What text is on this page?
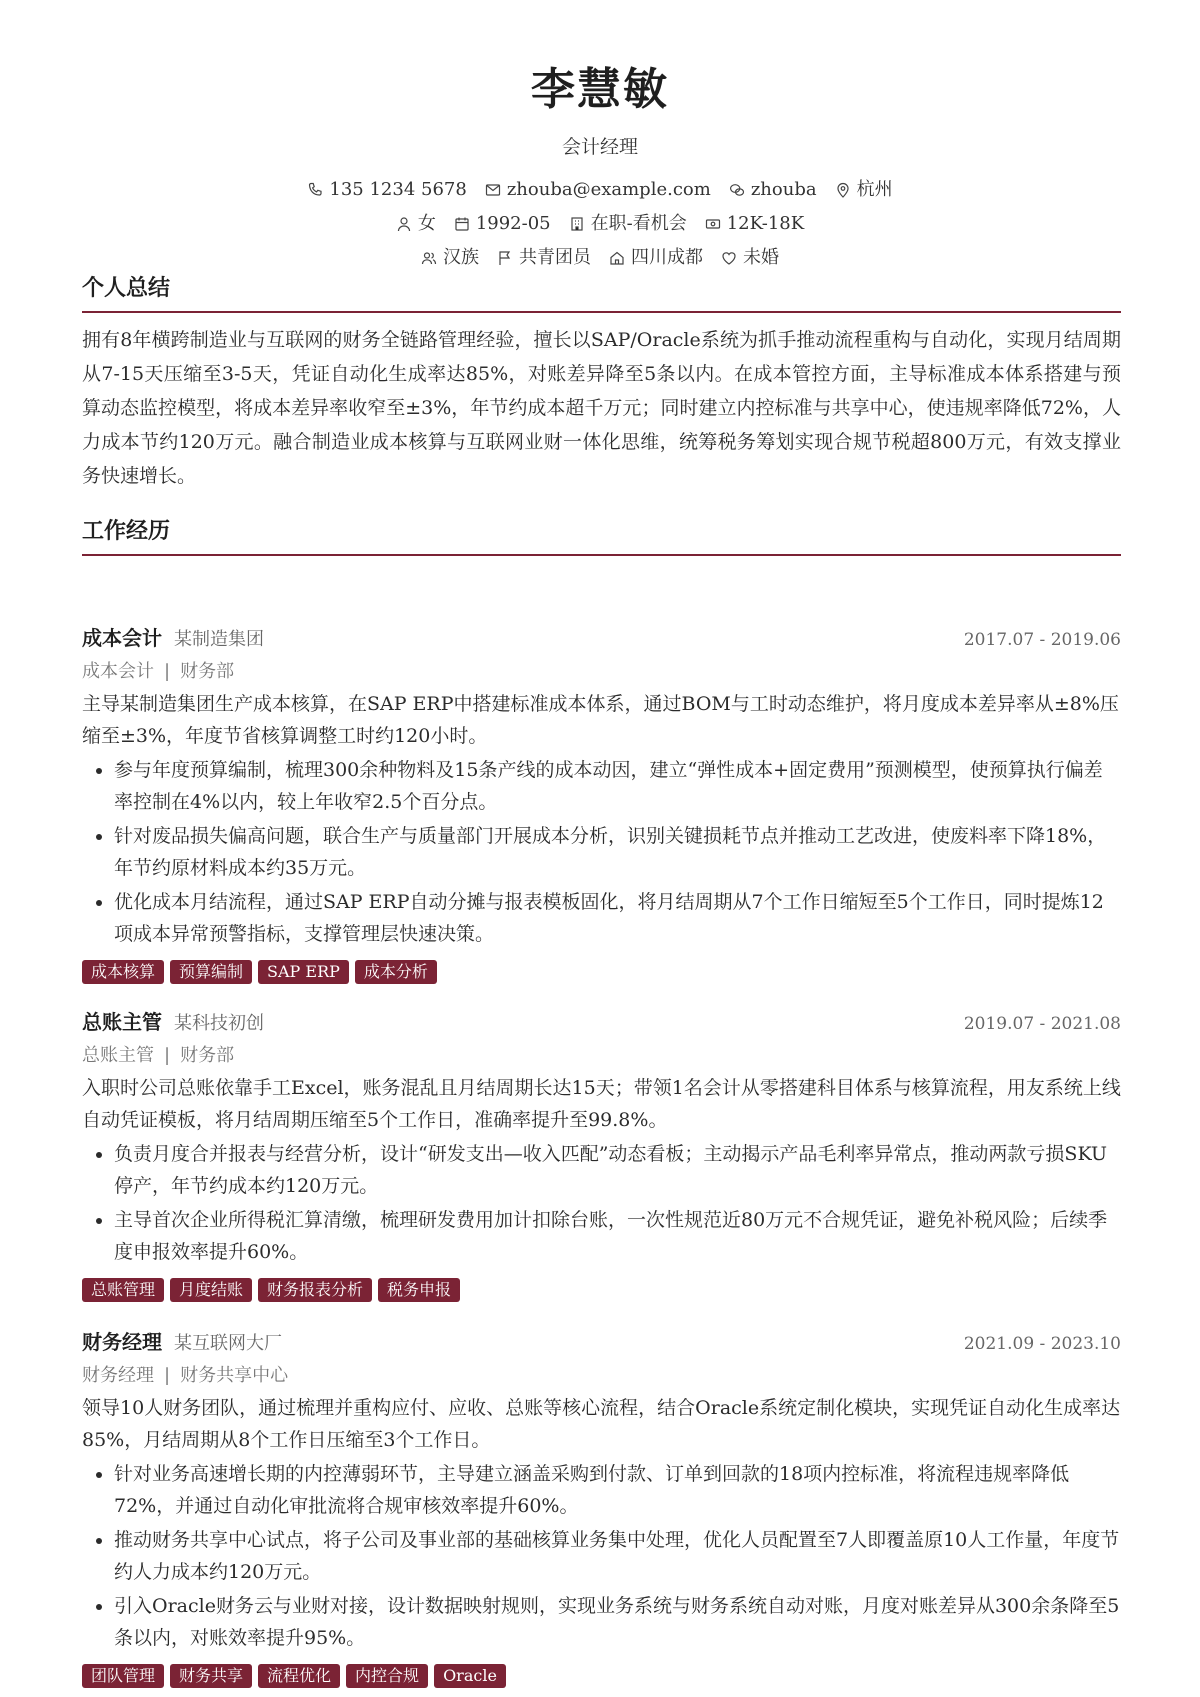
李慧敏
会计经理
135 1234 5678 zhouba@example.com zhouba 杭州
女 1992-05 在职-看机会 12K-18K
汉族 共青团员 四川成都 未婚
个人总结
拥有8年横跨制造业与互联网的财务全链路管理经验，擅长以SAP/Oracle系统为抓手推动流程重构与自动化，实现月结周期从7-15天压缩至3-5天，凭证自动化生成率达85%，对账差异降至5条以内。在成本管控方面，主导标准成本体系搭建与预算动态监控模型，将成本差异率收窄至±3%，年节约成本超千万元；同时建立内控标准与共享中心，使违规率降低72%，人力成本节约120万元。融合制造业成本核算与互联网业财一体化思维，统筹税务筹划实现合规节税超800万元，有效支撑业务快速增长。
工作经历
成本会计 某制造集团	2017.07 - 2019.06
成本会计 | 财务部
主导某制造集团生产成本核算，在SAP ERP中搭建标准成本体系，通过BOM与工时动态维护，将月度成本差异率从±8%压缩至±3%，年度节省核算调整工时约120小时。
• 参与年度预算编制，梳理300余种物料及15条产线的成本动因，建立“弹性成本+固定费用”预测模型，使预算执行偏差率控制在4%以内，较上年收窄2.5个百分点。
• 针对废品损失偏高问题，联合生产与质量部门开展成本分析，识别关键损耗节点并推动工艺改进，使废料率下降18%，年节约原材料成本约35万元。
• 优化成本月结流程，通过SAP ERP自动分摊与报表模板固化，将月结周期从7个工作日缩短至5个工作日，同时提炼12项成本异常预警指标，支撑管理层快速决策。
成本核算	预算编制	SAP ERP	成本分析
总账主管 某科技初创	2019.07 - 2021.08
总账主管 | 财务部
入职时公司总账依靠手工Excel，账务混乱且月结周期长达15天；带领1名会计从零搭建科目体系与核算流程，用友系统上线自动凭证模板，将月结周期压缩至5个工作日，准确率提升至99.8%。
• 负责月度合并报表与经营分析，设计“研发支出—收入匹配”动态看板；主动揭示产品毛利率异常点，推动两款亏损SKU停产，年节约成本约120万元。
• 主导首次企业所得税汇算清缴，梳理研发费用加计扣除台账，一次性规范近80万元不合规凭证，避免补税风险；后续季度申报效率提升60%。
总账管理	月度结账	财务报表分析	税务申报
财务经理 某互联网大厂	2021.09 - 2023.10
财务经理 | 财务共享中心
领导10人财务团队，通过梳理并重构应付、应收、总账等核心流程，结合Oracle系统定制化模块，实现凭证自动化生成率达85%，月结周期从8个工作日压缩至3个工作日。
• 针对业务高速增长期的内控薄弱环节，主导建立涵盖采购到付款、订单到回款的18项内控标准，将流程违规率降低72%，并通过自动化审批流将合规审核效率提升60%。
• 推动财务共享中心试点，将子公司及事业部的基础核算业务集中处理，优化人员配置至7人即覆盖原10人工作量，年度节约人力成本约120万元。
• 引入Oracle财务云与业财对接，设计数据映射规则，实现业务系统与财务系统自动对账，月度对账差异从300余条降至5条以内，对账效率提升95%。
团队管理	财务共享	流程优化	内控合规	Oracle
